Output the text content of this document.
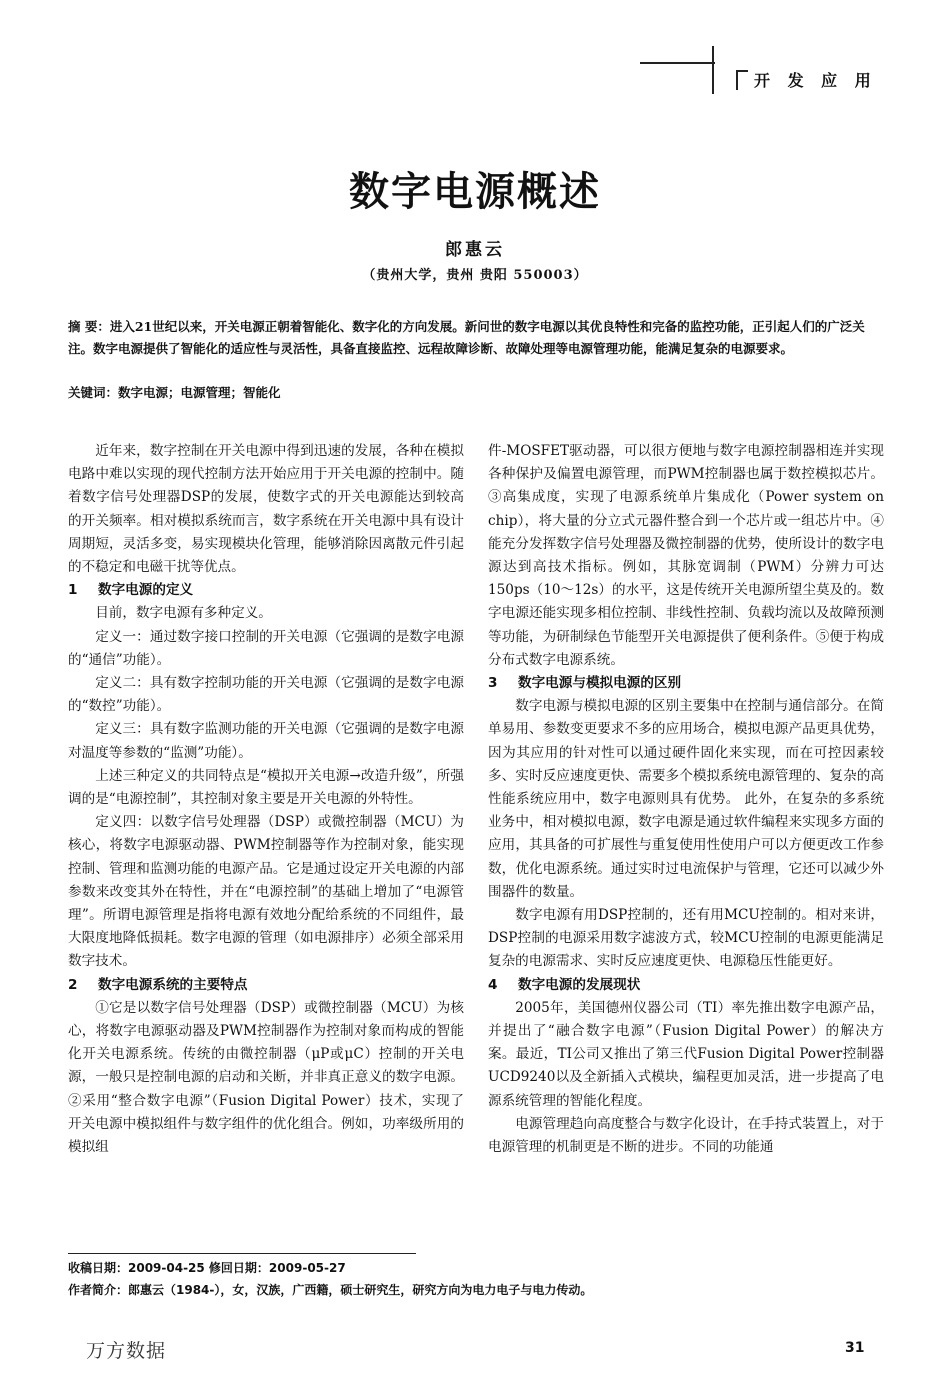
开 发 应 用
数字电源概述
郎惠云
（贵州大学，贵州 贵阳 550003）
摘 要：进入21世纪以来，开关电源正朝着智能化、数字化的方向发展。新问世的数字电源以其优良特性和完备的监控功能，正引起人们的广泛关注。数字电源提供了智能化的适应性与灵活性，具备直接监控、远程故障诊断、故障处理等电源管理功能，能满足复杂的电源要求。
关键词：数字电源；电源管理；智能化

近年来，数字控制在开关电源中得到迅速的发展，各种在模拟电路中难以实现的现代控制方法开始应用于开关电源的控制中。随着数字信号处理器DSP的发展，使数字式的开关电源能达到较高的开关频率。相对模拟系统而言，数字系统在开关电源中具有设计周期短，灵活多变，易实现模块化管理，能够消除因离散元件引起的不稳定和电磁干扰等优点。

1 数字电源的定义

目前，数字电源有多种定义。

定义一：通过数字接口控制的开关电源（它强调的是数字电源的“通信”功能）。

定义二：具有数字控制功能的开关电源（它强调的是数字电源的“数控”功能）。

定义三：具有数字监测功能的开关电源（它强调的是数字电源对温度等参数的“监测”功能）。

上述三种定义的共同特点是“模拟开关电源→改造升级”，所强调的是“电源控制”，其控制对象主要是开关电源的外特性。

定义四：以数字信号处理器（DSP）或微控制器（MCU）为核心，将数字电源驱动器、PWM控制器等作为控制对象，能实现控制、管理和监测功能的电源产品。它是通过设定开关电源的内部参数来改变其外在特性，并在“电源控制”的基础上增加了“电源管理”。所谓电源管理是指将电源有效地分配给系统的不同组件，最大限度地降低损耗。数字电源的管理（如电源排序）必须全部采用数字技术。

2 数字电源系统的主要特点

①它是以数字信号处理器（DSP）或微控制器（MCU）为核心，将数字电源驱动器及PWM控制器作为控制对象而构成的智能化开关电源系统。传统的由微控制器（μP或μC）控制的开关电源，一般只是控制电源的启动和关断，并非真正意义的数字电源。②采用“整合数字电源”（Fusion Digital Power）技术，实现了开关电源中模拟组件与数字组件的优化组合。例如，功率级所用的模拟组

件-MOSFET驱动器，可以很方便地与数字电源控制器相连并实现各种保护及偏置电源管理，而PWM控制器也属于数控模拟芯片。③高集成度，实现了电源系统单片集成化（Power system on chip），将大量的分立式元器件整合到一个芯片或一组芯片中。④能充分发挥数字信号处理器及微控制器的优势，使所设计的数字电源达到高技术指标。例如，其脉宽调制（PWM）分辨力可达150ps（10～12s）的水平，这是传统开关电源所望尘莫及的。数字电源还能实现多相位控制、非线性控制、负载均流以及故障预测等功能，为研制绿色节能型开关电源提供了便利条件。⑤便于构成分布式数字电源系统。

3 数字电源与模拟电源的区别

数字电源与模拟电源的区别主要集中在控制与通信部分。在简单易用、参数变更要求不多的应用场合，模拟电源产品更具优势，因为其应用的针对性可以通过硬件固化来实现，而在可控因素较多、实时反应速度更快、需要多个模拟系统电源管理的、复杂的高性能系统应用中，数字电源则具有优势。 此外，在复杂的多系统业务中，相对模拟电源，数字电源是通过软件编程来实现多方面的应用，其具备的可扩展性与重复使用性使用户可以方便更改工作参数，优化电源系统。通过实时过电流保护与管理，它还可以减少外围器件的数量。

数字电源有用DSP控制的，还有用MCU控制的。相对来讲，DSP控制的电源采用数字滤波方式，较MCU控制的电源更能满足复杂的电源需求、实时反应速度更快、电源稳压性能更好。

4 数字电源的发展现状

2005年，美国德州仪器公司（TI）率先推出数字电源产品，并提出了“融合数字电源”（Fusion Digital Power）的解决方案。最近，TI公司又推出了第三代Fusion Digital Power控制器UCD9240以及全新插入式模块，编程更加灵活，进一步提高了电源系统管理的智能化程度。

电源管理趋向高度整合与数字化设计，在手持式装置上，对于电源管理的机制更是不断的进步。不同的功能通

收稿日期：2009-04-25 修回日期：2009-05-27
作者简介：郎惠云（1984-），女，汉族，广西籍，硕士研究生，研究方向为电力电子与电力传动。
万方数据	31
